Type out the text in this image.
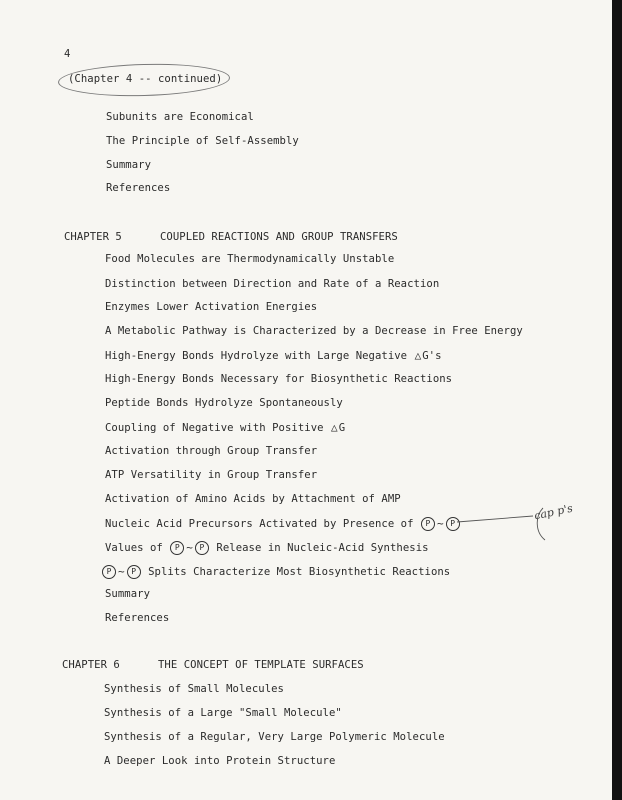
4
(Chapter 4 -- continued)
Subunits are Economical
The Principle of Self-Assembly
Summary
References
CHAPTER 5	COUPLED REACTIONS AND GROUP TRANSFERS
Food Molecules are Thermodynamically Unstable
Distinction between Direction and Rate of a Reaction
Enzymes Lower Activation Energies
A Metabolic Pathway is Characterized by a Decrease in Free Energy
High-Energy Bonds Hydrolyze with Large Negative △G's
High-Energy Bonds Necessary for Biosynthetic Reactions
Peptide Bonds Hydrolyze Spontaneously
Coupling of Negative with Positive △G
Activation through Group Transfer
ATP Versatility in Group Transfer
Activation of Amino Acids by Attachment of AMP
Nucleic Acid Precursors Activated by Presence of P ~ P
Values of P ~ P Release in Nucleic-Acid Synthesis
P ~ P Splits Characterize Most Biosynthetic Reactions
Summary
References
cap p's
CHAPTER 6	THE CONCEPT OF TEMPLATE SURFACES
Synthesis of Small Molecules
Synthesis of a Large "Small Molecule"
Synthesis of a Regular, Very Large Polymeric Molecule
A Deeper Look into Protein Structure
